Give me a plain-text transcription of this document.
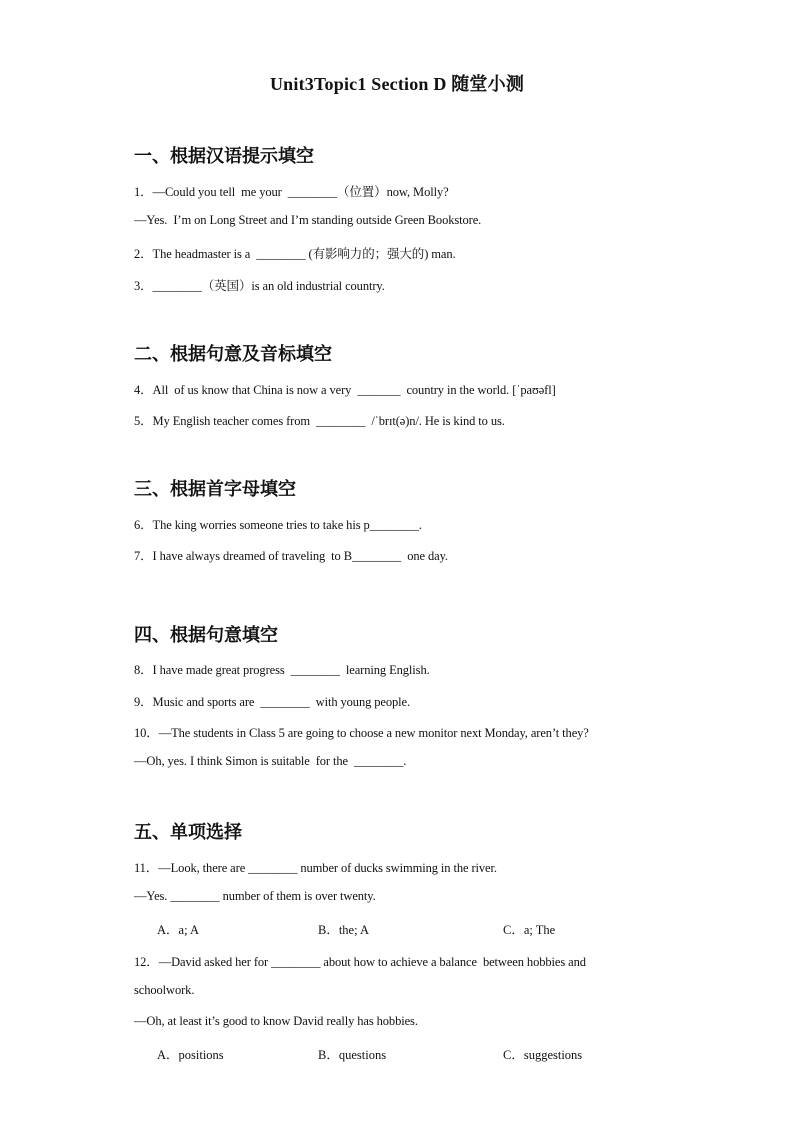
Unit3Topic1 Section D 随堂小测
一、根据汉语提示填空
1．—Could you tell  me your  ________（位置）now, Molly?
—Yes.  I’m on Long Street and I’m standing outside Green Bookstore.
2．The headmaster is a  ________ (有影响力的；强大的) man.
3．________（英国）is an old industrial country.
二、根据句意及音标填空
4．All  of us know that China is now a very  _______  country in the world. [ˈpaʊəfl]
5．My English teacher comes from  ________  /ˈbrɪt(ə)n/. He is kind to us.
三、根据首字母填空
6．The king worries someone tries to take his p________.
7．I have always dreamed of traveling  to B________  one day.
四、根据句意填空
8．I have made great progress  ________  learning English.
9．Music and sports are  ________  with young people.
10．—The students in Class 5 are going to choose a new monitor next Monday, aren’t they?
—Oh, yes. I think Simon is suitable  for the  ________.
五、单项选择
11．—Look, there are ________ number of ducks swimming in the river.
—Yes. ________ number of them is over twenty.
A．a; A	B．the; A	C．a; The
12．—David asked her for ________ about how to achieve a balance  between hobbies and
schoolwork.
—Oh, at least it’s good to know David really has hobbies.
A．positions	B．questions	C．suggestions
